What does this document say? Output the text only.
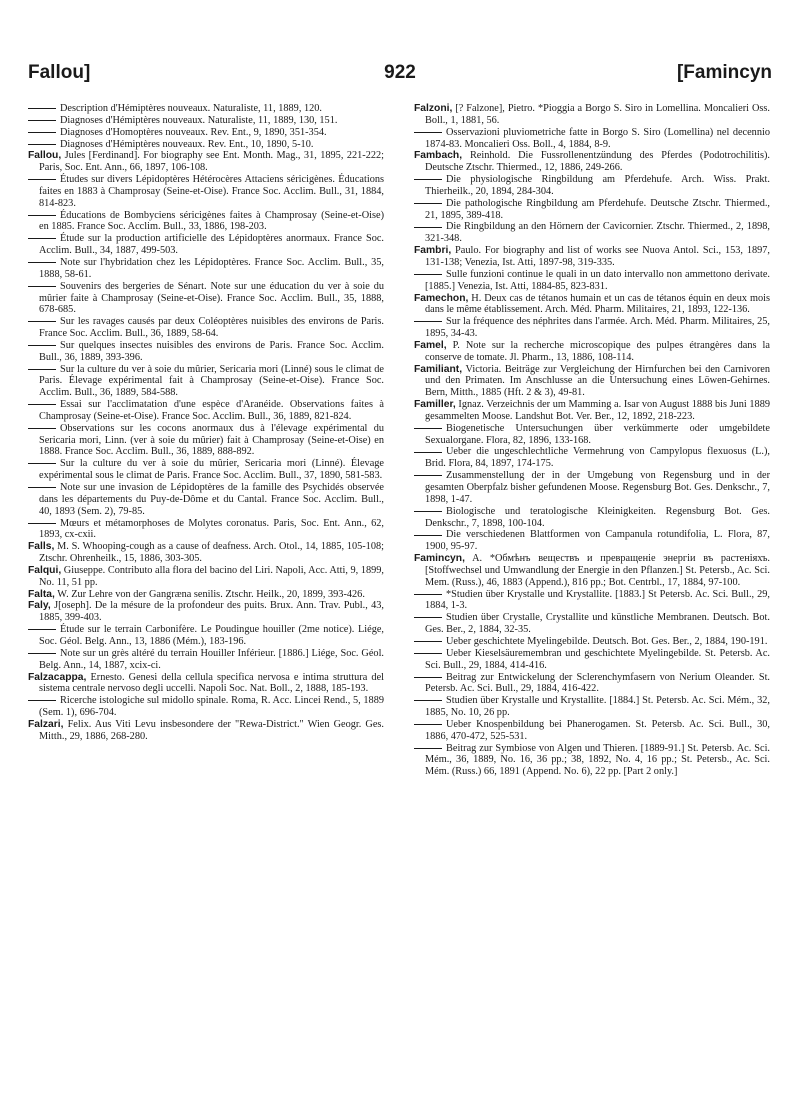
Fallou]	922	[Famincyn

Description d'Hémiptères nouveaux. Naturaliste, 11, 1889, 120.

Diagnoses d'Hémiptères nouveaux. Naturaliste, 11, 1889, 130, 151.

Diagnoses d'Homoptères nouveaux. Rev. Ent., 9, 1890, 351-354.

Diagnoses d'Hémiptères nouveaux. Rev. Ent., 10, 1890, 5-10.

Fallou, Jules [Ferdinand]. For biography see Ent. Month. Mag., 31, 1895, 221-222; Paris, Soc. Ent. Ann., 66, 1897, 106-108.

Études sur divers Lépidoptères Hétérocères Attaciens séricigènes. Éducations faites en 1883 à Champrosay (Seine-et-Oise). France Soc. Acclim. Bull., 31, 1884, 814-823.

Éducations de Bombyciens séricigènes faites à Champrosay (Seine-et-Oise) en 1885. France Soc. Acclim. Bull., 33, 1886, 198-203.

Étude sur la production artificielle des Lépidoptères anormaux. France Soc. Acclim. Bull., 34, 1887, 499-503.

Note sur l'hybridation chez les Lépidoptères. France Soc. Acclim. Bull., 35, 1888, 58-61.

Souvenirs des bergeries de Sénart. Note sur une éducation du ver à soie du mûrier faite à Champrosay (Seine-et-Oise). France Soc. Acclim. Bull., 35, 1888, 678-685.

Sur les ravages causés par deux Coléoptères nuisibles des environs de Paris. France Soc. Acclim. Bull., 36, 1889, 58-64.

Sur quelques insectes nuisibles des environs de Paris. France Soc. Acclim. Bull., 36, 1889, 393-396.

Sur la culture du ver à soie du mûrier, Sericaria mori (Linné) sous le climat de Paris. Élevage expérimental fait à Champrosay (Seine-et-Oise). France Soc. Acclim. Bull., 36, 1889, 584-588.

Essai sur l'acclimatation d'une espèce d'Aranéide. Observations faites à Champrosay (Seine-et-Oise). France Soc. Acclim. Bull., 36, 1889, 821-824.

Observations sur les cocons anormaux dus à l'élevage expérimental du Sericaria mori, Linn. (ver à soie du mûrier) fait à Champrosay (Seine-et-Oise) en 1888. France Soc. Acclim. Bull., 36, 1889, 888-892.

Sur la culture du ver à soie du mûrier, Sericaria mori (Linné). Élevage expérimental sous le climat de Paris. France Soc. Acclim. Bull., 37, 1890, 581-583.

Note sur une invasion de Lépidoptères de la famille des Psychidés observée dans les départements du Puy-de-Dôme et du Cantal. France Soc. Acclim. Bull., 40, 1893 (Sem. 2), 79-85.

Mœurs et métamorphoses de Molytes coronatus. Paris, Soc. Ent. Ann., 62, 1893, cx-cxii.

Falls, M. S. Whooping-cough as a cause of deafness. Arch. Otol., 14, 1885, 105-108; Ztschr. Ohrenheilk., 15, 1886, 303-305.

Falqui, Giuseppe. Contributo alla flora del bacino del Liri. Napoli, Acc. Atti, 9, 1899, No. 11, 51 pp.

Falta, W. Zur Lehre von der Gangræna senilis. Ztschr. Heilk., 20, 1899, 393-426.

Faly, J[oseph]. De la mésure de la profondeur des puits. Brux. Ann. Trav. Publ., 43, 1885, 399-403.

Étude sur le terrain Carbonifère. Le Poudingue houiller (2me notice). Liége, Soc. Géol. Belg. Ann., 13, 1886 (Mém.), 183-196.

Note sur un grès altéré du terrain Houiller Inférieur. [1886.] Liége, Soc. Géol. Belg. Ann., 14, 1887, xcix-ci.

Falzacappa, Ernesto. Genesi della cellula specifica nervosa e intima struttura del sistema centrale nervoso degli uccelli. Napoli Soc. Nat. Boll., 2, 1888, 185-193.

Ricerche istologiche sul midollo spinale. Roma, R. Acc. Lincei Rend., 5, 1889 (Sem. 1), 696-704.

Falzari, Felix. Aus Viti Levu insbesondere der "Rewa-District." Wien Geogr. Ges. Mitth., 29, 1886, 268-280.

Falzoni, [? Falzone], Pietro. *Pioggia a Borgo S. Siro in Lomellina. Moncalieri Oss. Boll., 1, 1881, 56.

Osservazioni pluviometriche fatte in Borgo S. Siro (Lomellina) nel decennio 1874-83. Moncalieri Oss. Boll., 4, 1884, 8-9.

Fambach, Reinhold. Die Fussrollenentzündung des Pferdes (Podotrochilitis). Deutsche Ztschr. Thiermed., 12, 1886, 249-266.

Die physiologische Ringbildung am Pferdehufe. Arch. Wiss. Prakt. Thierheilk., 20, 1894, 284-304.

Die pathologische Ringbildung am Pferdehufe. Deutsche Ztschr. Thiermed., 21, 1895, 389-418.

Die Ringbildung an den Hörnern der Cavicornier. Ztschr. Thiermed., 2, 1898, 321-348.

Fambri, Paulo. For biography and list of works see Nuova Antol. Sci., 153, 1897, 131-138; Venezia, Ist. Atti, 1897-98, 319-335.

Sulle funzioni continue le quali in un dato intervallo non ammettono derivate. [1885.] Venezia, Ist. Atti, 1884-85, 823-831.

Famechon, H. Deux cas de tétanos humain et un cas de tétanos équin en deux mois dans le même établissement. Arch. Méd. Pharm. Militaires, 21, 1893, 122-136.

Sur la fréquence des néphrites dans l'armée. Arch. Méd. Pharm. Militaires, 25, 1895, 34-43.

Famel, P. Note sur la recherche microscopique des pulpes étrangères dans la conserve de tomate. Jl. Pharm., 13, 1886, 108-114.

Familiant, Victoria. Beiträge zur Vergleichung der Hirnfurchen bei den Carnivoren und den Primaten. Im Anschlusse an die Untersuchung eines Löwen-Gehirnes. Bern, Mitth., 1885 (Hft. 2 & 3), 49-81.

Familler, Ignaz. Verzeichnis der um Mamming a. Isar von August 1888 bis Juni 1889 gesammelten Moose. Landshut Bot. Ver. Ber., 12, 1892, 218-223.

Biogenetische Untersuchungen über verkümmerte oder umgebildete Sexualorgane. Flora, 82, 1896, 133-168.

Ueber die ungeschlechtliche Vermehrung von Campylopus flexuosus (L.), Brid. Flora, 84, 1897, 174-175.

Zusammenstellung der in der Umgebung von Regensburg und in der gesamten Oberpfalz bisher gefundenen Moose. Regensburg Bot. Ges. Denkschr., 7, 1898, 1-47.

Biologische und teratologische Kleinigkeiten. Regensburg Bot. Ges. Denkschr., 7, 1898, 100-104.

Die verschiedenen Blattformen von Campanula rotundifolia, L. Flora, 87, 1900, 95-97.

Famincyn, A. *Обмѣнъ веществъ и превращеніе энергіи въ растеніяхъ. [Stoffwechsel und Umwandlung der Energie in den Pflanzen.] St. Petersb., Ac. Sci. Mem. (Russ.), 46, 1883 (Append.), 816 pp.; Bot. Centrbl., 17, 1884, 97-100.

*Studien über Krystalle und Krystallite. [1883.] St Petersb. Ac. Sci. Bull., 29, 1884, 1-3.

Studien über Crystalle, Crystallite und künstliche Membranen. Deutsch. Bot. Ges. Ber., 2, 1884, 32-35.

Ueber geschichtete Myelingebilde. Deutsch. Bot. Ges. Ber., 2, 1884, 190-191.

Ueber Kieselsäuremembran und geschichtete Myelingebilde. St. Petersb. Ac. Sci. Bull., 29, 1884, 414-416.

Beitrag zur Entwickelung der Sclerenchymfasern von Nerium Oleander. St. Petersb. Ac. Sci. Bull., 29, 1884, 416-422.

Studien über Krystalle und Krystallite. [1884.] St. Petersb. Ac. Sci. Mém., 32, 1885, No. 10, 26 pp.

Ueber Knospenbildung bei Phanerogamen. St. Petersb. Ac. Sci. Bull., 30, 1886, 470-472, 525-531.

Beitrag zur Symbiose von Algen und Thieren. [1889-91.] St. Petersb. Ac. Sci. Mém., 36, 1889, No. 16, 36 pp.; 38, 1892, No. 4, 16 pp.; St. Petersb., Ac. Sci. Mém. (Russ.) 66, 1891 (Append. No. 6), 22 pp. [Part 2 only.]
